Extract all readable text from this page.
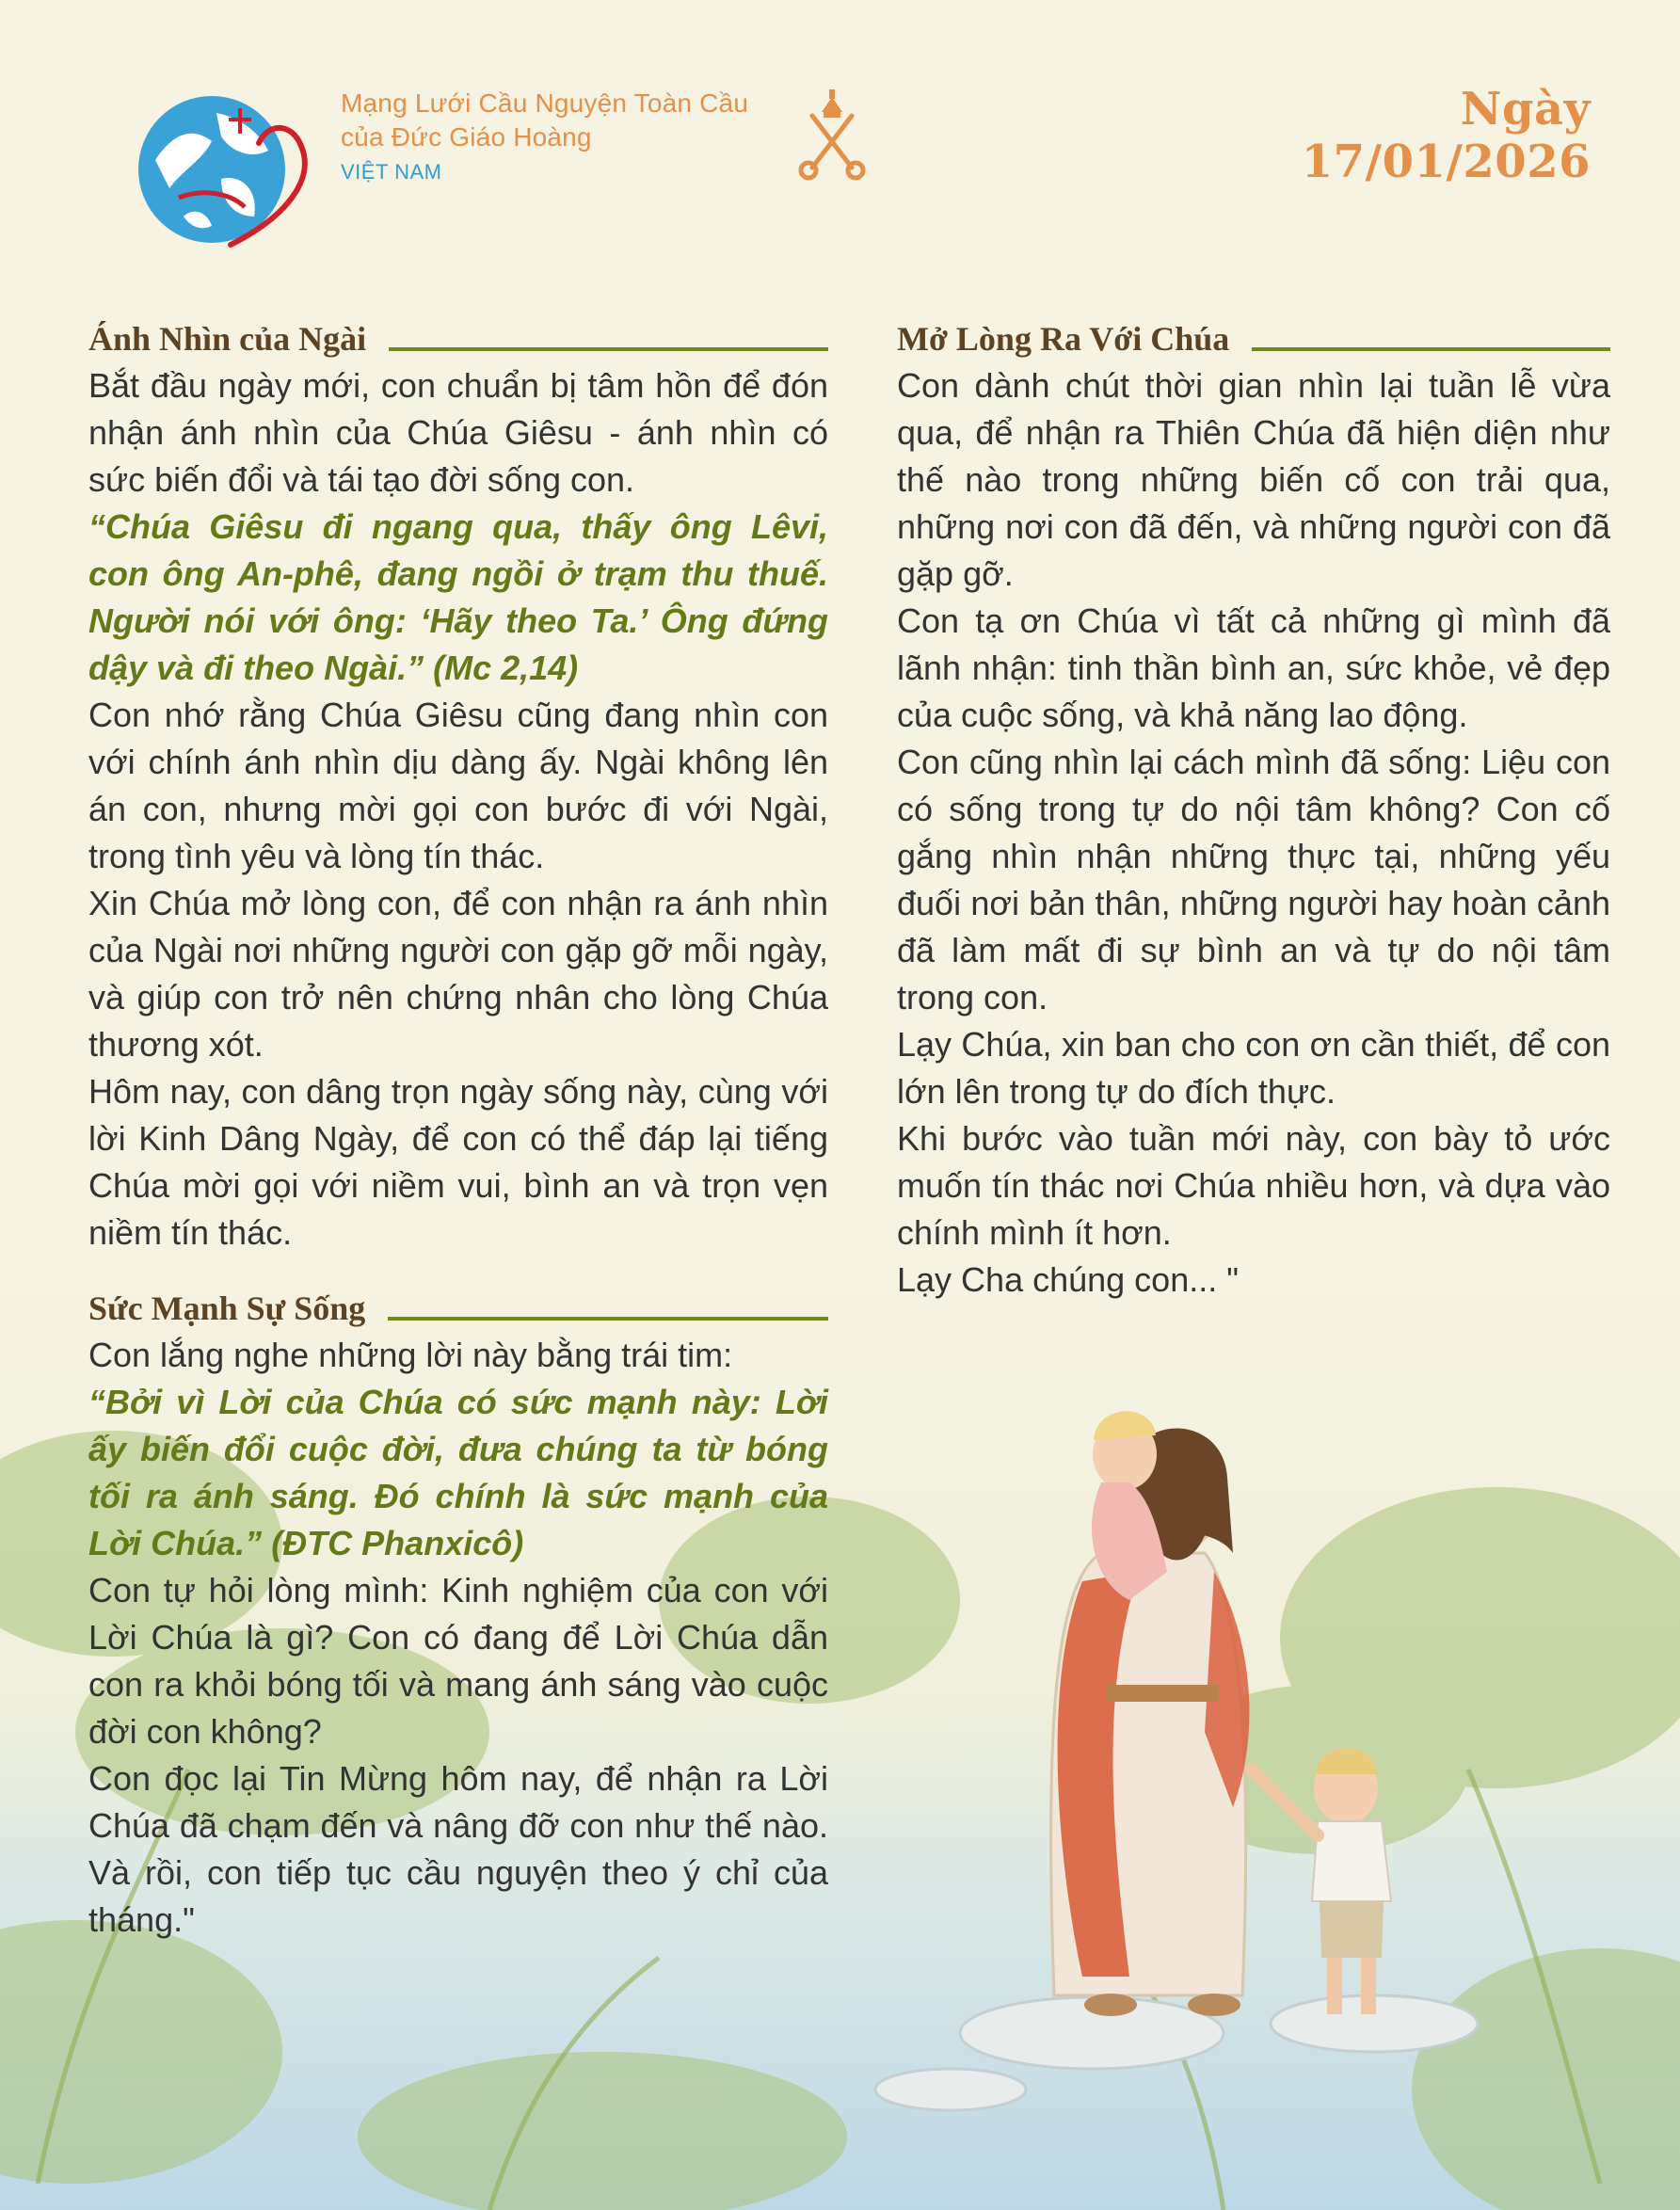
Mạng Lưới Cầu Nguyện Toàn Cầu
của Đức Giáo Hoàng
VIỆT NAM
Ngày 17/01/2026
Ánh Nhìn của Ngài

Bắt đầu ngày mới, con chuẩn bị tâm hồn để đón nhận ánh nhìn của Chúa Giêsu - ánh nhìn có sức biến đổi và tái tạo đời sống con.

“Chúa Giêsu đi ngang qua, thấy ông Lêvi, con ông An-phê, đang ngồi ở trạm thu thuế. Người nói với ông: ‘Hãy theo Ta.’ Ông đứng dậy và đi theo Ngài.” (Mc 2,14)

Con nhớ rằng Chúa Giêsu cũng đang nhìn con với chính ánh nhìn dịu dàng ấy. Ngài không lên án con, nhưng mời gọi con bước đi với Ngài, trong tình yêu và lòng tín thác.

Xin Chúa mở lòng con, để con nhận ra ánh nhìn của Ngài nơi những người con gặp gỡ mỗi ngày, và giúp con trở nên chứng nhân cho lòng Chúa thương xót.

Hôm nay, con dâng trọn ngày sống này, cùng với lời Kinh Dâng Ngày, để con có thể đáp lại tiếng Chúa mời gọi với niềm vui, bình an và trọn vẹn niềm tín thác.

Sức Mạnh Sự Sống

Con lắng nghe những lời này bằng trái tim:

“Bởi vì Lời của Chúa có sức mạnh này: Lời ấy biến đổi cuộc đời, đưa chúng ta từ bóng tối ra ánh sáng. Đó chính là sức mạnh của Lời Chúa.” (ĐTC Phanxicô)

Con tự hỏi lòng mình: Kinh nghiệm của con với Lời Chúa là gì? Con có đang để Lời Chúa dẫn con ra khỏi bóng tối và mang ánh sáng vào cuộc đời con không?

Con đọc lại Tin Mừng hôm nay, để nhận ra Lời Chúa đã chạm đến và nâng đỡ con như thế nào. Và rồi, con tiếp tục cầu nguyện theo ý chỉ của tháng."

Mở Lòng Ra Với Chúa

Con dành chút thời gian nhìn lại tuần lễ vừa qua, để nhận ra Thiên Chúa đã hiện diện như thế nào trong những biến cố con trải qua, những nơi con đã đến, và những người con đã gặp gỡ.

Con tạ ơn Chúa vì tất cả những gì mình đã lãnh nhận: tinh thần bình an, sức khỏe, vẻ đẹp của cuộc sống, và khả năng lao động.

Con cũng nhìn lại cách mình đã sống: Liệu con có sống trong tự do nội tâm không? Con cố gắng nhìn nhận những thực tại, những yếu đuối nơi bản thân, những người hay hoàn cảnh đã làm mất đi sự bình an và tự do nội tâm trong con.

Lạy Chúa, xin ban cho con ơn cần thiết, để con lớn lên trong tự do đích thực.

Khi bước vào tuần mới này, con bày tỏ ước muốn tín thác nơi Chúa nhiều hơn, và dựa vào chính mình ít hơn.

Lạy Cha chúng con... "
